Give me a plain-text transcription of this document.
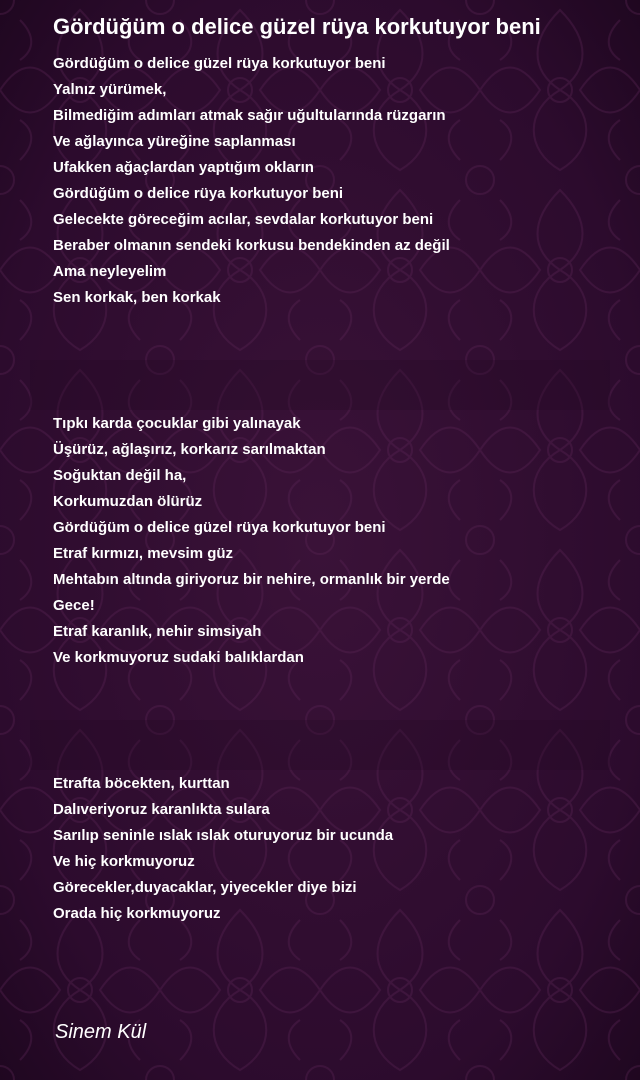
Gördüğüm o delice güzel rüya korkutuyor beni
Gördüğüm o delice güzel rüya korkutuyor beni
Yalnız yürümek,
Bilmediğim adımları atmak sağır uğultularında rüzgarın
Ve ağlayınca yüreğine saplanması
Ufakken ağaçlardan yaptığım okların
Gördüğüm o delice rüya korkutuyor beni
Gelecekte göreceğim acılar, sevdalar korkutuyor beni
Beraber olmanın sendeki korkusu bendekinden az değil
Ama neyleyelim
Sen korkak, ben korkak
Tıpkı karda çocuklar gibi yalınayak
Üşürüz, ağlaşırız, korkarız sarılmaktan
Soğuktan değil ha,
Korkumuzdan ölürüz
Gördüğüm o delice güzel rüya korkutuyor beni
Etraf kırmızı, mevsim güz
Mehtabın altında giriyoruz bir nehire, ormanlık bir yerde
Gece!
Etraf karanlık, nehir simsiyah
Ve korkmuyoruz sudaki balıklardan
Etrafta böcekten, kurttan
Dalıveriyoruz karanlıkta sulara
Sarılıp seninle ıslak ıslak oturuyoruz bir ucunda
Ve hiç korkmuyoruz
Görecekler,duyacaklar, yiyecekler diye bizi
Orada hiç korkmuyoruz
Sinem Kül
